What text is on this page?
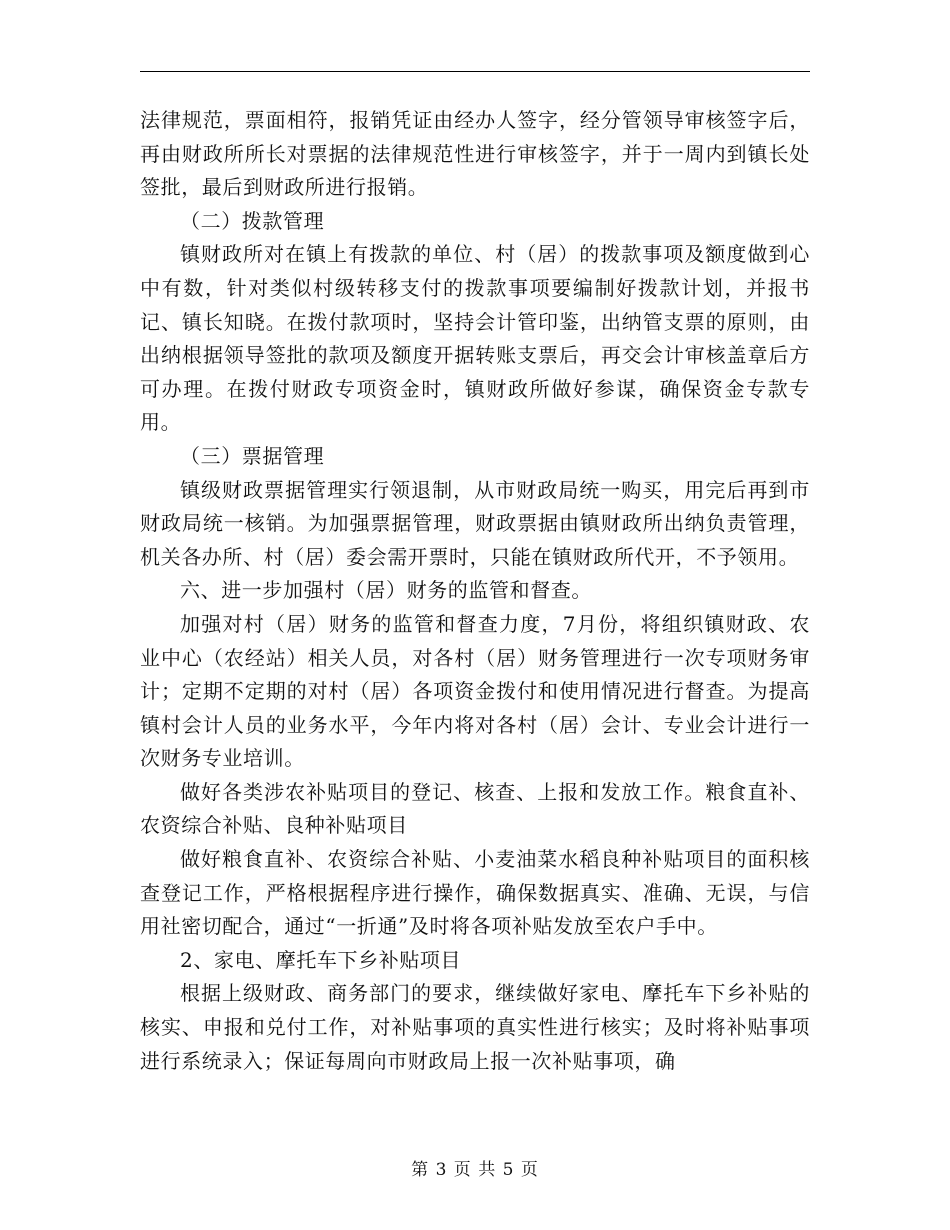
法律规范，票面相符，报销凭证由经办人签字，经分管领导审核签字后，再由财政所所长对票据的法律规范性进行审核签字，并于一周内到镇长处签批，最后到财政所进行报销。

（二）拨款管理

镇财政所对在镇上有拨款的单位、村（居）的拨款事项及额度做到心中有数，针对类似村级转移支付的拨款事项要编制好拨款计划，并报书记、镇长知晓。在拨付款项时，坚持会计管印鉴，出纳管支票的原则，由出纳根据领导签批的款项及额度开据转账支票后，再交会计审核盖章后方可办理。在拨付财政专项资金时，镇财政所做好参谋，确保资金专款专用。

（三）票据管理

镇级财政票据管理实行领退制，从市财政局统一购买，用完后再到市财政局统一核销。为加强票据管理，财政票据由镇财政所出纳负责管理，机关各办所、村（居）委会需开票时，只能在镇财政所代开，不予领用。

六、进一步加强村（居）财务的监管和督查。

加强对村（居）财务的监管和督查力度，7月份，将组织镇财政、农业中心（农经站）相关人员，对各村（居）财务管理进行一次专项财务审计；定期不定期的对村（居）各项资金拨付和使用情况进行督查。为提高镇村会计人员的业务水平，今年内将对各村（居）会计、专业会计进行一次财务专业培训。

做好各类涉农补贴项目的登记、核查、上报和发放工作。粮食直补、农资综合补贴、良种补贴项目

做好粮食直补、农资综合补贴、小麦油菜水稻良种补贴项目的面积核查登记工作，严格根据程序进行操作，确保数据真实、准确、无误，与信用社密切配合，通过“一折通”及时将各项补贴发放至农户手中。

2、家电、摩托车下乡补贴项目

根据上级财政、商务部门的要求，继续做好家电、摩托车下乡补贴的核实、申报和兑付工作，对补贴事项的真实性进行核实；及时将补贴事项进行系统录入；保证每周向市财政局上报一次补贴事项，确

第 3 页 共 5 页
